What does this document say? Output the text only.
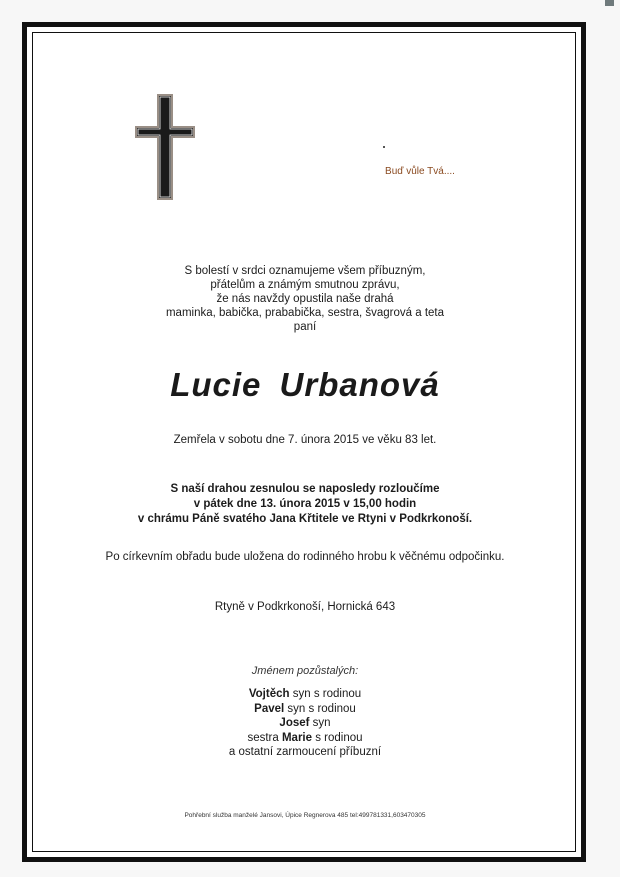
Buď vůle Tvá....
S bolestí v srdci oznamujeme všem příbuzným,
přátelům a známým smutnou zprávu,
že nás navždy opustila naše drahá
maminka, babička, prababička, sestra, švagrová a teta
paní
Lucie Urbanová
Zemřela v sobotu dne 7. února 2015 ve věku 83 let.
S naší drahou zesnulou se naposledy rozloučíme
v pátek dne 13. února 2015 v 15,00 hodin
v chrámu Páně svatého Jana Křtitele ve Rtyni v Podkrkonoší.
Po církevním obřadu bude uložena do rodinného hrobu k věčnému odpočinku.
Rtyně v Podkrkonoší, Hornická 643
Jménem pozůstalých:
Vojtěch syn s rodinou
Pavel syn s rodinou
Josef syn
sestra Marie s rodinou
a ostatní zarmoucení příbuzní
Pohřební služba manželé Jansovi, Úpice Regnerova 485 tel:499781331,603470305
